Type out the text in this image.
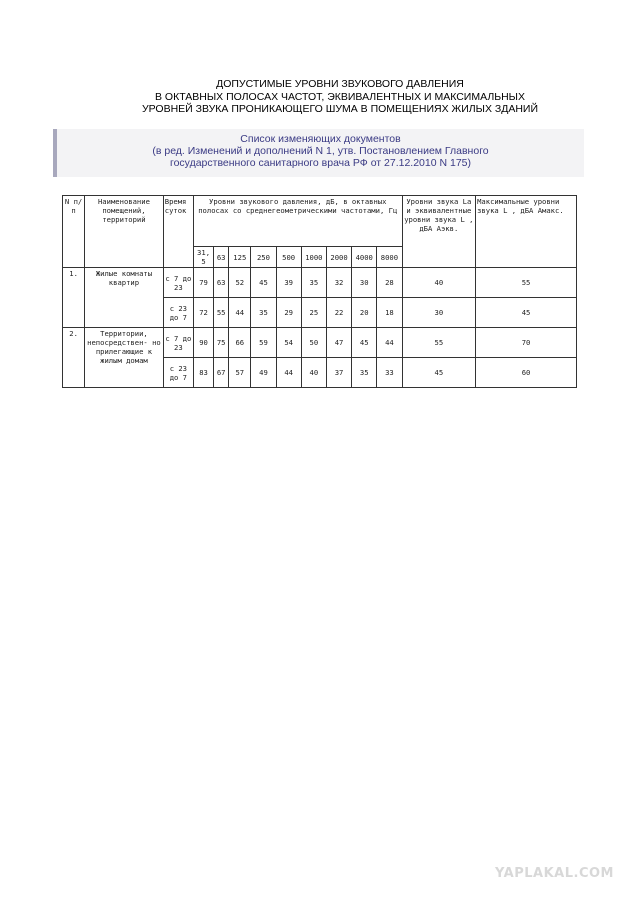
ДОПУСТИМЫЕ УРОВНИ ЗВУКОВОГО ДАВЛЕНИЯ
В ОКТАВНЫХ ПОЛОСАХ ЧАСТОТ, ЭКВИВАЛЕНТНЫХ И МАКСИМАЛЬНЫХ
УРОВНЕЙ ЗВУКА ПРОНИКАЮЩЕГО ШУМА В ПОМЕЩЕНИЯХ ЖИЛЫХ ЗДАНИЙ
Список изменяющих документов
(в ред. Изменений и дополнений N 1, утв. Постановлением Главного
государственного санитарного врача РФ от 27.12.2010 N 175)
N п/п	Наименование помещений, территорий	Время суток	Уровни звукового давления, дБ, в октавных полосах со среднегеометрическими частотами, Гц									Уровни звука La и эквивалентные уровни звука L , дБА Аэкв.	Максимальные уровни звука L , дБА Амакс.
			31,5	63	125	250	500	1000	2000	4000	8000		
1.	Жилые комнаты квартир	с 7 до 23	79	63	52	45	39	35	32	30	28	40	55
		с 23 до 7	72	55	44	35	29	25	22	20	18	30	45
2.	Территории, непосредствен- но прилегающие к жилым домам	с 7 до 23	90	75	66	59	54	50	47	45	44	55	70
		с 23 до 7	83	67	57	49	44	40	37	35	33	45	60
YAPLAKAL.COM
